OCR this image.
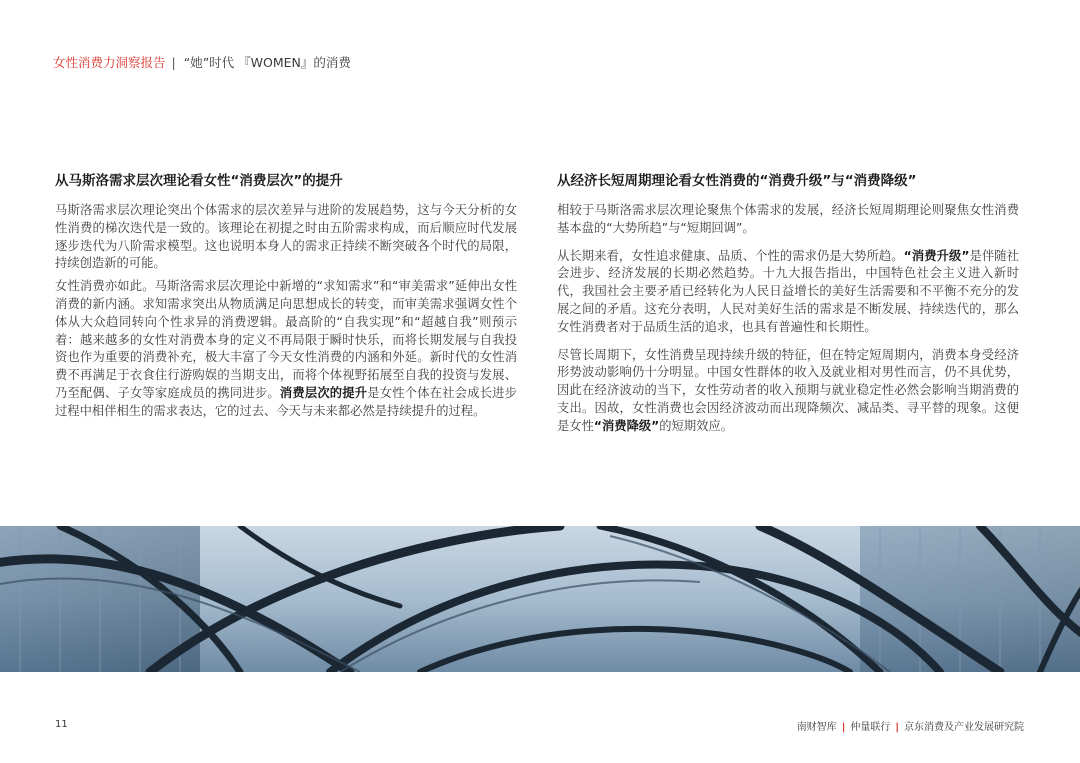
女性消费力洞察报告 | “她”时代 『WOMEN』的消费
从马斯洛需求层次理论看女性“消费层次”的提升

马斯洛需求层次理论突出个体需求的层次差异与进阶的发展趋势，这与今天分析的女性消费的梯次迭代是一致的。该理论在初提之时由五阶需求构成，而后顺应时代发展逐步迭代为八阶需求模型。这也说明本身人的需求正持续不断突破各个时代的局限，持续创造新的可能。

女性消费亦如此。马斯洛需求层次理论中新增的“求知需求”和“审美需求”延伸出女性消费的新内涵。求知需求突出从物质满足向思想成长的转变，而审美需求强调女性个体从大众趋同转向个性求异的消费逻辑。最高阶的“自我实现”和“超越自我”则预示着：越来越多的女性对消费本身的定义不再局限于瞬时快乐，而将长期发展与自我投资也作为重要的消费补充，极大丰富了今天女性消费的内涵和外延。新时代的女性消费不再满足于衣食住行游购娱的当期支出，而将个体视野拓展至自我的投资与发展、乃至配偶、子女等家庭成员的携同进步。消费层次的提升是女性个体在社会成长进步过程中相伴相生的需求表达，它的过去、今天与未来都必然是持续提升的过程。

从经济长短周期理论看女性消费的“消费升级”与“消费降级”

相较于马斯洛需求层次理论聚焦个体需求的发展，经济长短周期理论则聚焦女性消费基本盘的“大势所趋”与“短期回调”。

从长期来看，女性追求健康、品质、个性的需求仍是大势所趋。“消费升级”是伴随社会进步、经济发展的长期必然趋势。十九大报告指出，中国特色社会主义进入新时代，我国社会主要矛盾已经转化为人民日益增长的美好生活需要和不平衡不充分的发展之间的矛盾。这充分表明，人民对美好生活的需求是不断发展、持续迭代的，那么女性消费者对于品质生活的追求，也具有普遍性和长期性。

尽管长周期下，女性消费呈现持续升级的特征，但在特定短周期内，消费本身受经济形势波动影响仍十分明显。中国女性群体的收入及就业相对男性而言，仍不具优势，因此在经济波动的当下，女性劳动者的收入预期与就业稳定性必然会影响当期消费的支出。因故，女性消费也会因经济波动而出现降频次、减品类、寻平替的现象。这便是女性“消费降级”的短期效应。

11	南财智库 | 仲量联行 | 京东消费及产业发展研究院
